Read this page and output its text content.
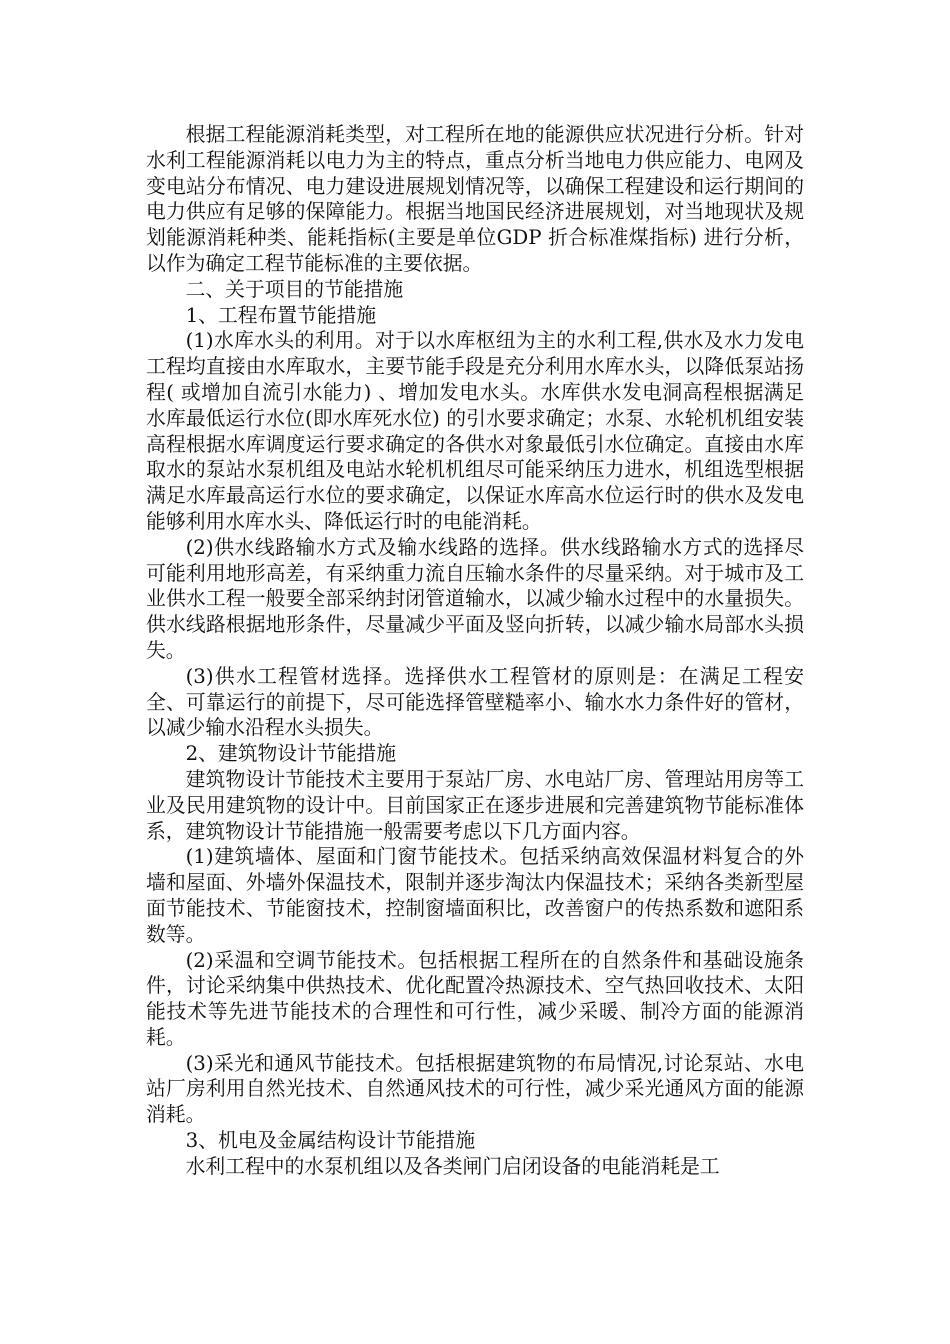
根据工程能源消耗类型，对工程所在地的能源供应状况进行分析。针对水利工程能源消耗以电力为主的特点，重点分析当地电力供应能力、电网及变电站分布情况、电力建设进展规划情况等，以确保工程建设和运行期间的电力供应有足够的保障能力。根据当地国民经济进展规划，对当地现状及规划能源消耗种类、能耗指标(主要是单位GDP 折合标准煤指标) 进行分析，以作为确定工程节能标准的主要依据。

二、关于项目的节能措施

1、工程布置节能措施

(1)水库水头的利用。对于以水库枢纽为主的水利工程,供水及水力发电工程均直接由水库取水，主要节能手段是充分利用水库水头，以降低泵站扬程( 或增加自流引水能力) 、增加发电水头。水库供水发电洞高程根据满足水库最低运行水位(即水库死水位) 的引水要求确定；水泵、水轮机机组安装高程根据水库调度运行要求确定的各供水对象最低引水位确定。直接由水库取水的泵站水泵机组及电站水轮机机组尽可能采纳压力进水，机组选型根据满足水库最高运行水位的要求确定，以保证水库高水位运行时的供水及发电能够利用水库水头、降低运行时的电能消耗。

(2)供水线路输水方式及输水线路的选择。供水线路输水方式的选择尽可能利用地形高差，有采纳重力流自压输水条件的尽量采纳。对于城市及工业供水工程一般要全部采纳封闭管道输水，以减少输水过程中的水量损失。供水线路根据地形条件，尽量减少平面及竖向折转，以减少输水局部水头损失。

(3)供水工程管材选择。选择供水工程管材的原则是：在满足工程安全、可靠运行的前提下，尽可能选择管壁糙率小、输水水力条件好的管材，以减少输水沿程水头损失。

2、建筑物设计节能措施

建筑物设计节能技术主要用于泵站厂房、水电站厂房、管理站用房等工业及民用建筑物的设计中。目前国家正在逐步进展和完善建筑物节能标准体系，建筑物设计节能措施一般需要考虑以下几方面内容。

(1)建筑墙体、屋面和门窗节能技术。包括采纳高效保温材料复合的外墙和屋面、外墙外保温技术，限制并逐步淘汰内保温技术；采纳各类新型屋面节能技术、节能窗技术，控制窗墙面积比，改善窗户的传热系数和遮阳系数等。

(2)采温和空调节能技术。包括根据工程所在的自然条件和基础设施条件，讨论采纳集中供热技术、优化配置冷热源技术、空气热回收技术、太阳能技术等先进节能技术的合理性和可行性，减少采暖、制冷方面的能源消耗。

(3)采光和通风节能技术。包括根据建筑物的布局情况,讨论泵站、水电站厂房利用自然光技术、自然通风技术的可行性，减少采光通风方面的能源消耗。

3、机电及金属结构设计节能措施

水利工程中的水泵机组以及各类闸门启闭设备的电能消耗是工
